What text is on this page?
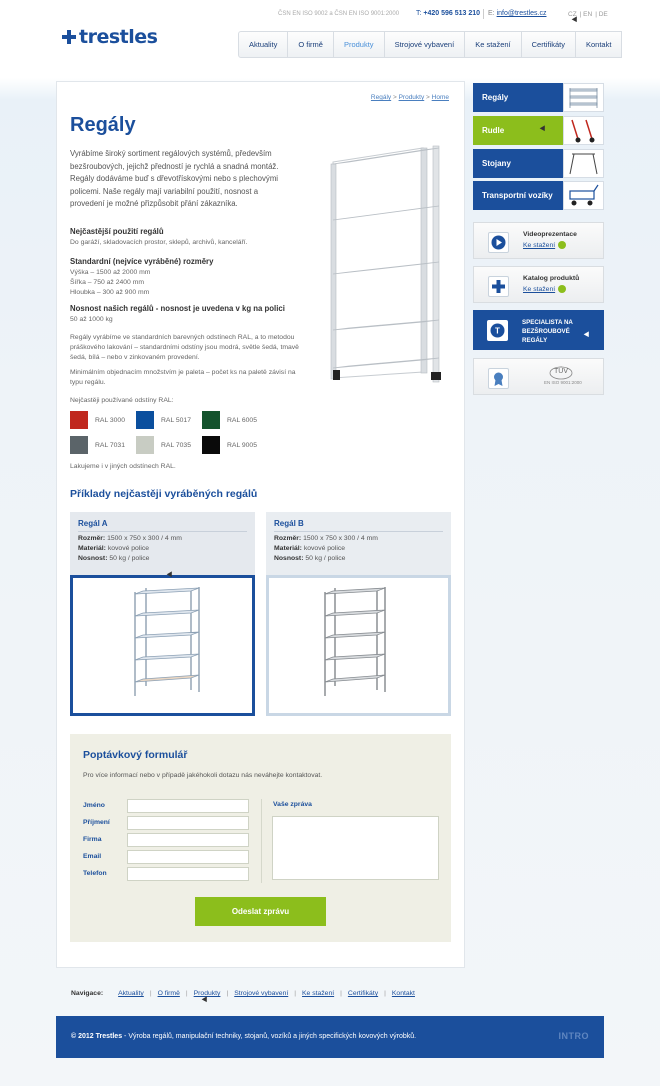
trestles
ČSN EN ISO 9002 a ČSN EN ISO 9001:2000 T: +420 596 513 210 E: info@trestles.cz	CZ | EN | DE
Aktuality	O firmě	Produkty	Strojové vybavení	Ke stažení	Certifikáty	Kontakt
Regály > Produkty > Home
Regály

Vyrábíme široký sortiment regálových systémů, především bezšroubových, jejichž předností je rychlá a snadná montáž. Regály dodáváme buď s dřevotřískovými nebo s plechovými policemi. Naše regály mají variabilní použití, nosnost a provedení je možné přizpůsobit přání zákazníka.

Nejčastější použití regálů
Do garáží, skladovacích prostor, sklepů, archivů, kanceláří.
Standardní (nejvíce vyráběné) rozměry
Výška – 1500 až 2000 mm
Šířka – 750 až 2400 mm
Hloubka – 300 až 900 mm
Nosnost našich regálů - nosnost je uvedena v kg na polici
50 až 1000 kg
Regály vyrábíme ve standardních barevných odstínech RAL, a to metodou práškového lakování – standardními odstíny jsou modrá, světle šedá, tmavě šedá, bílá – nebo v zinkovaném provedení.
Minimálním objednacím množstvím je paleta – počet ks na paletě závisí na typu regálu.
Nejčastěji používané odstíny RAL:
RAL 3000	RAL 5017	RAL 6005
RAL 7031	RAL 7035	RAL 9005
Lakujeme i v jiných odstínech RAL.
Příklady nejčastěji vyráběných regálů
Regál A
Rozměr: 1500 x 750 x 300 / 4 mm
Materiál: kovové police
Nosnost: 50 kg / police
Regál B
Rozměr: 1500 x 750 x 300 / 4 mm
Materiál: kovové police
Nosnost: 50 kg / police
Poptávkový formulář
Pro více informací nebo v případě jakéhokoli dotazu nás neváhejte kontaktovat.
Jméno
Příjmení
Firma
Email
Telefon
Vaše zpráva
Odeslat zprávu
Regály
Rudle
Stojany
Transportní vozíky
Videoprezentace
Ke stažení
Katalog produktů
Ke stažení
T
SPECIALISTA NA BEZŠROUBOVÉ REGÁLY
TÜV
EN ISO 9001:2000
Navigace: Aktuality | O firmě | Produkty | Strojové vybavení | Ke stažení | Certifikáty | Kontakt
© 2012 Trestles - Výroba regálů, manipulační techniky, stojanů, vozíků a jiných specifických kovových výrobků.	INTRO
